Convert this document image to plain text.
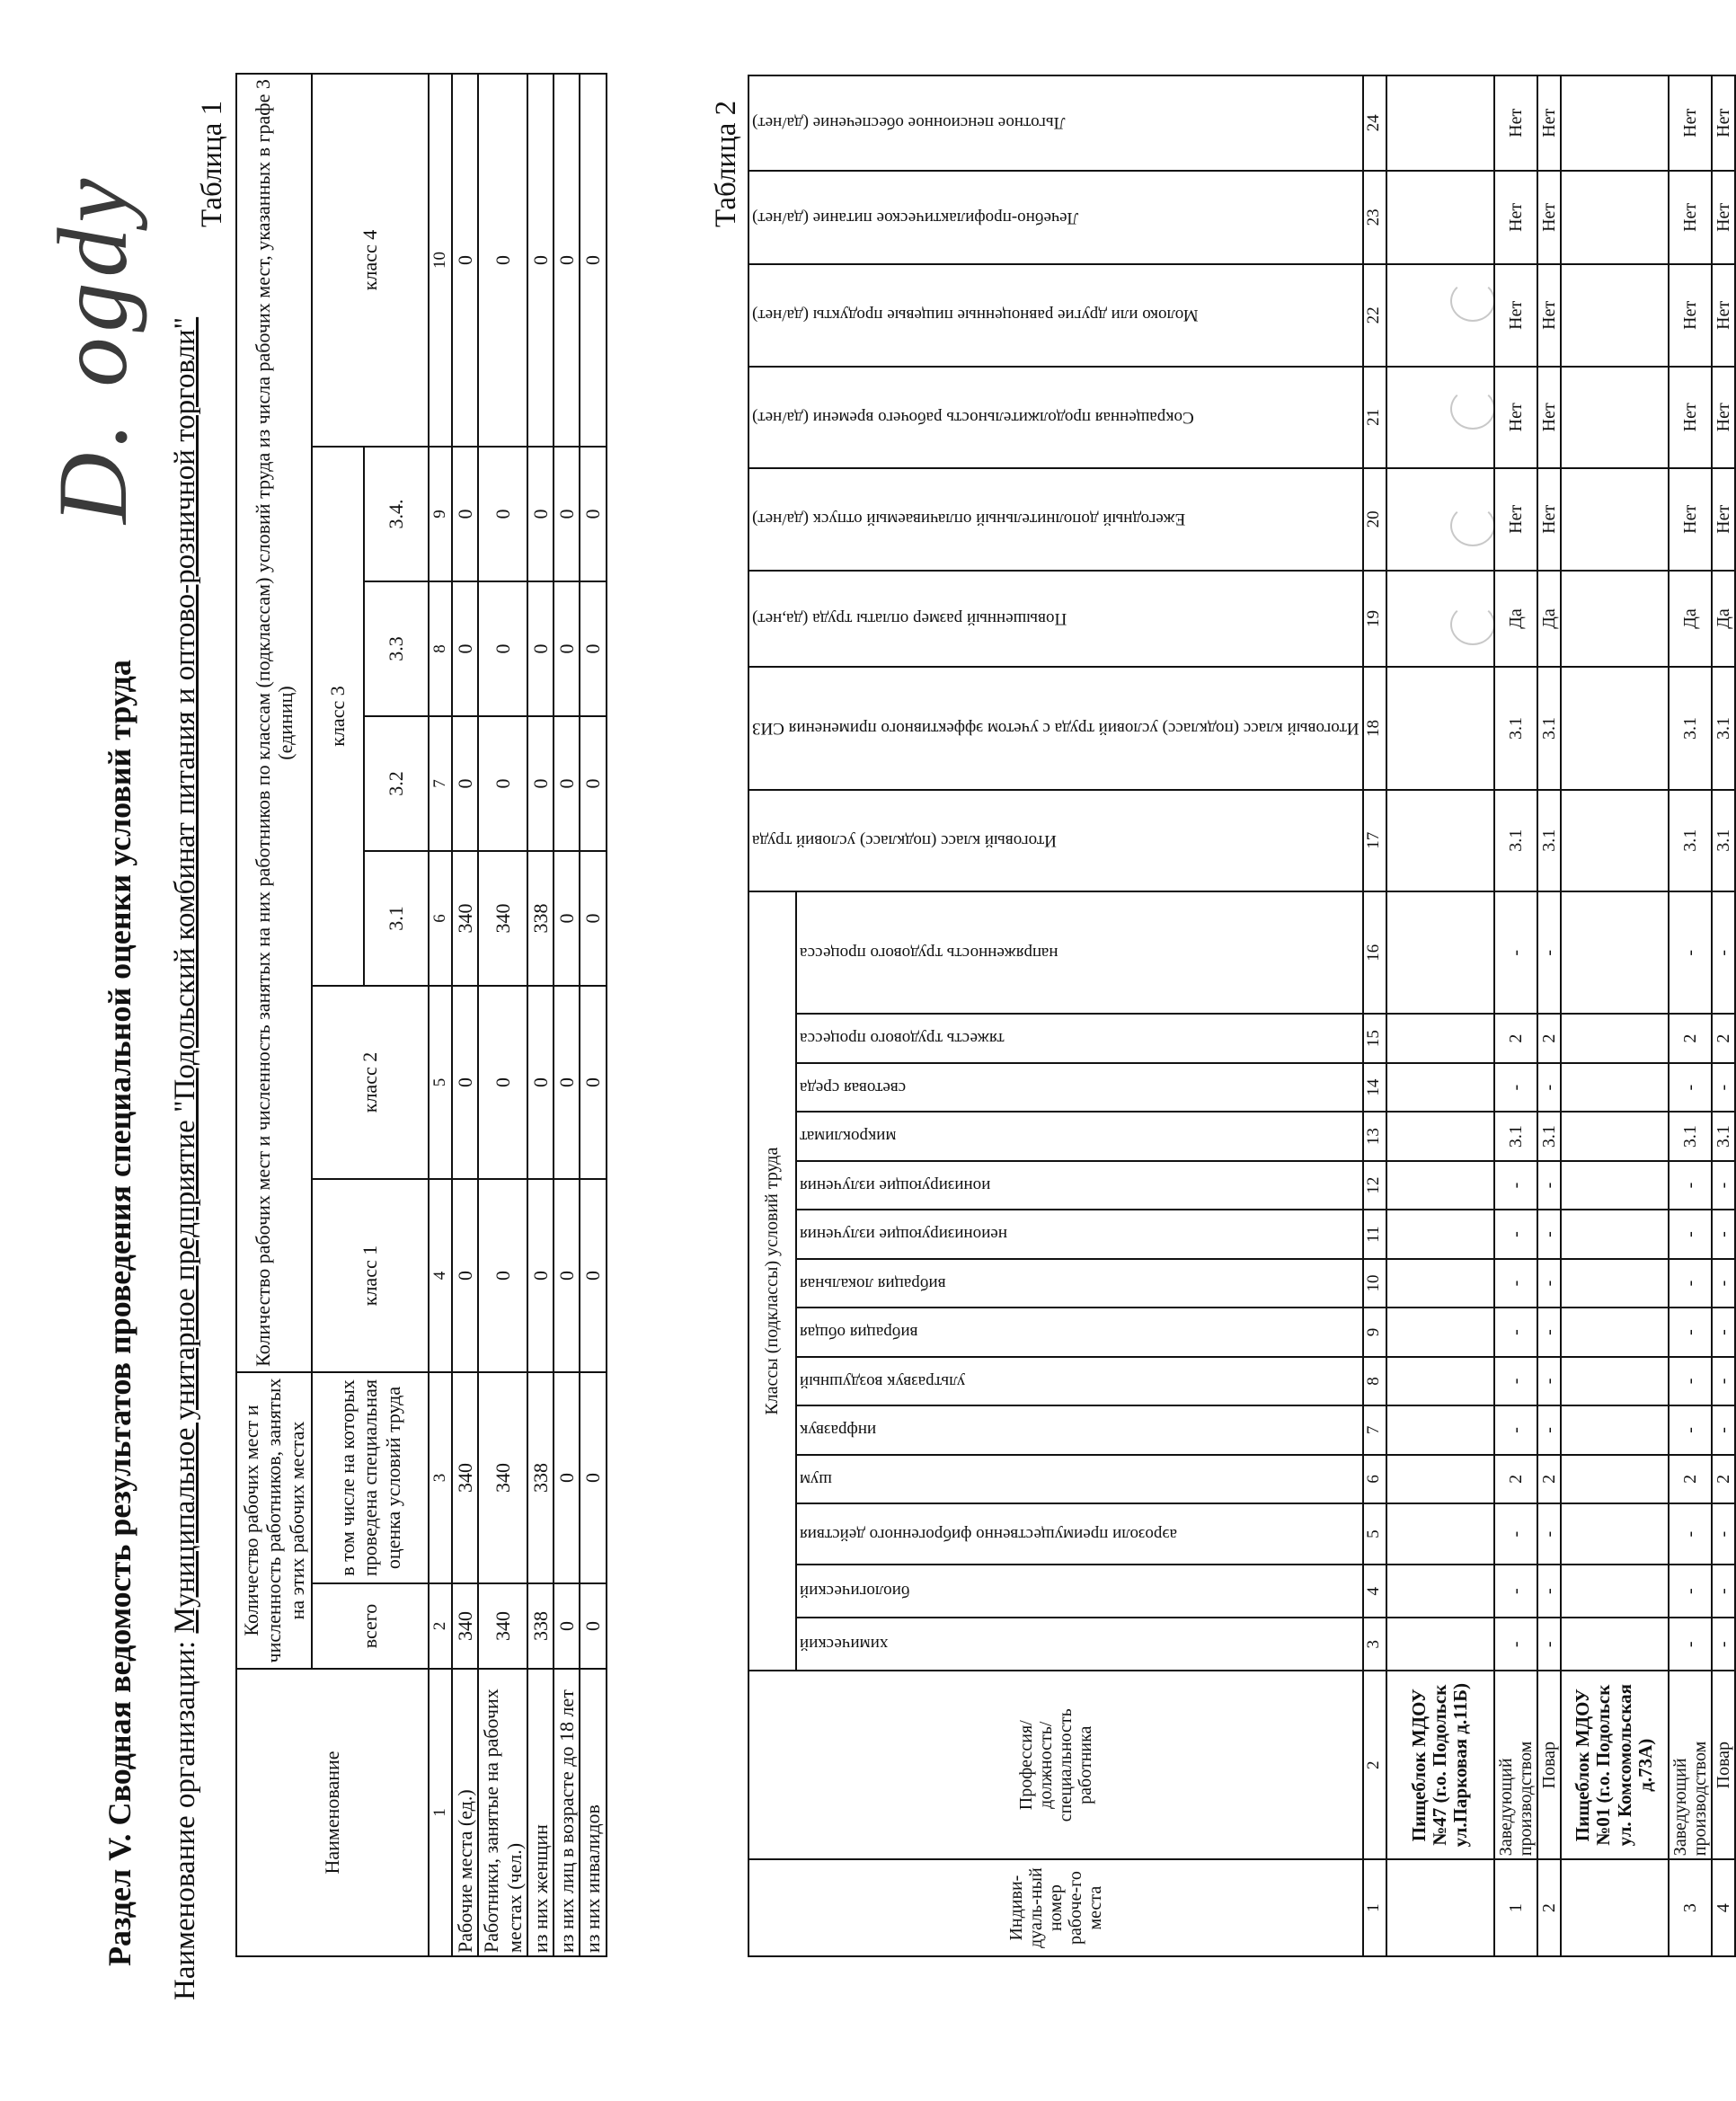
D. ogdy
Раздел V. Сводная ведомость результатов проведения специальной оценки условий труда Наименование организации: Муниципальное унитарное предприятие "Подольский комбинат питания и оптово-розничной торговли"
Таблица 1
Наименование	Количество рабочих мест и численность работников, занятых на этих рабочих местах		Количество рабочих мест и численность занятых на них работников по классам (подклассам) условий труда из числа рабочих мест, указанных в графе 3 (единиц)						
	всего	в том числе на которых проведена специальная оценка условий труда	класс 1	класс 2	класс 3				класс 4
					3.1	3.2	3.3	3.4.	
1	2	3	4	5	6	7	8	9	10
Рабочие места (ед.)	340	340	0	0	340	0	0	0	0
Работники, занятые на рабочих местах (чел.)	340	340	0	0	340	0	0	0	0
из них женщин	338	338	0	0	338	0	0	0	0
из них лиц в возрасте до 18 лет	0	0	0	0	0	0	0	0	0
из них инвалидов	0	0	0	0	0	0	0	0	0
Таблица 2
Индиви-дуаль-ный номер рабоче-го места	Профессия/ должность/ специальность работника	Классы (подклассы) условий труда														Итоговый класс (подкласс) условий труда	Итоговый класс (подкласс) условий труда с учетом эффективного применения СИЗ	Повышенный размер оплаты труда (да,нет)	Ежегодный дополнительный оплачиваемый отпуск (да/нет)	Сокращенная продолжительность рабочего времени (да/нет)	Молоко или другие равноценные пищевые продукты (да/нет)	Лечебно-профилактическое питание (да/нет)	Льготное пенсионное обеспечение (да/нет)

		химический	биологический	аэрозоли преимущественно фиброгенного действия	шум	инфразвук	ультразвук воздушный	вибрация общая	вибрация локальная	неионизирующие излучения	ионизирующие излучения	микроклимат	световая среда	тяжесть трудового процесса	напряженность трудового процесса								

1	2	3	4	5	6	7	8	9	10	11	12	13	14	15	16	17	18	19	20	21	22	23	24
	Пищеблок МДОУ №47 (г.о. Подольск ул.Парковая д.11Б)																						
1	Заведующий производством	-	-	-	2	-	-	-	-	-	-	3.1	-	2	-	3.1	3.1	Да	Нет	Нет	Нет	Нет	Нет
2	Повар	-	-	-	2	-	-	-	-	-	-	3.1	-	2	-	3.1	3.1	Да	Нет	Нет	Нет	Нет	Нет
	Пищеблок МДОУ №01 (г.о. Подольск ул. Комсомольская д.73А)																						
3	Заведующий производством	-	-	-	2	-	-	-	-	-	-	3.1	-	2	-	3.1	3.1	Да	Нет	Нет	Нет	Нет	Нет
4	Повар	-	-	-	2	-	-	-	-	-	-	3.1	-	2	-	3.1	3.1	Да	Нет	Нет	Нет	Нет	Нет
